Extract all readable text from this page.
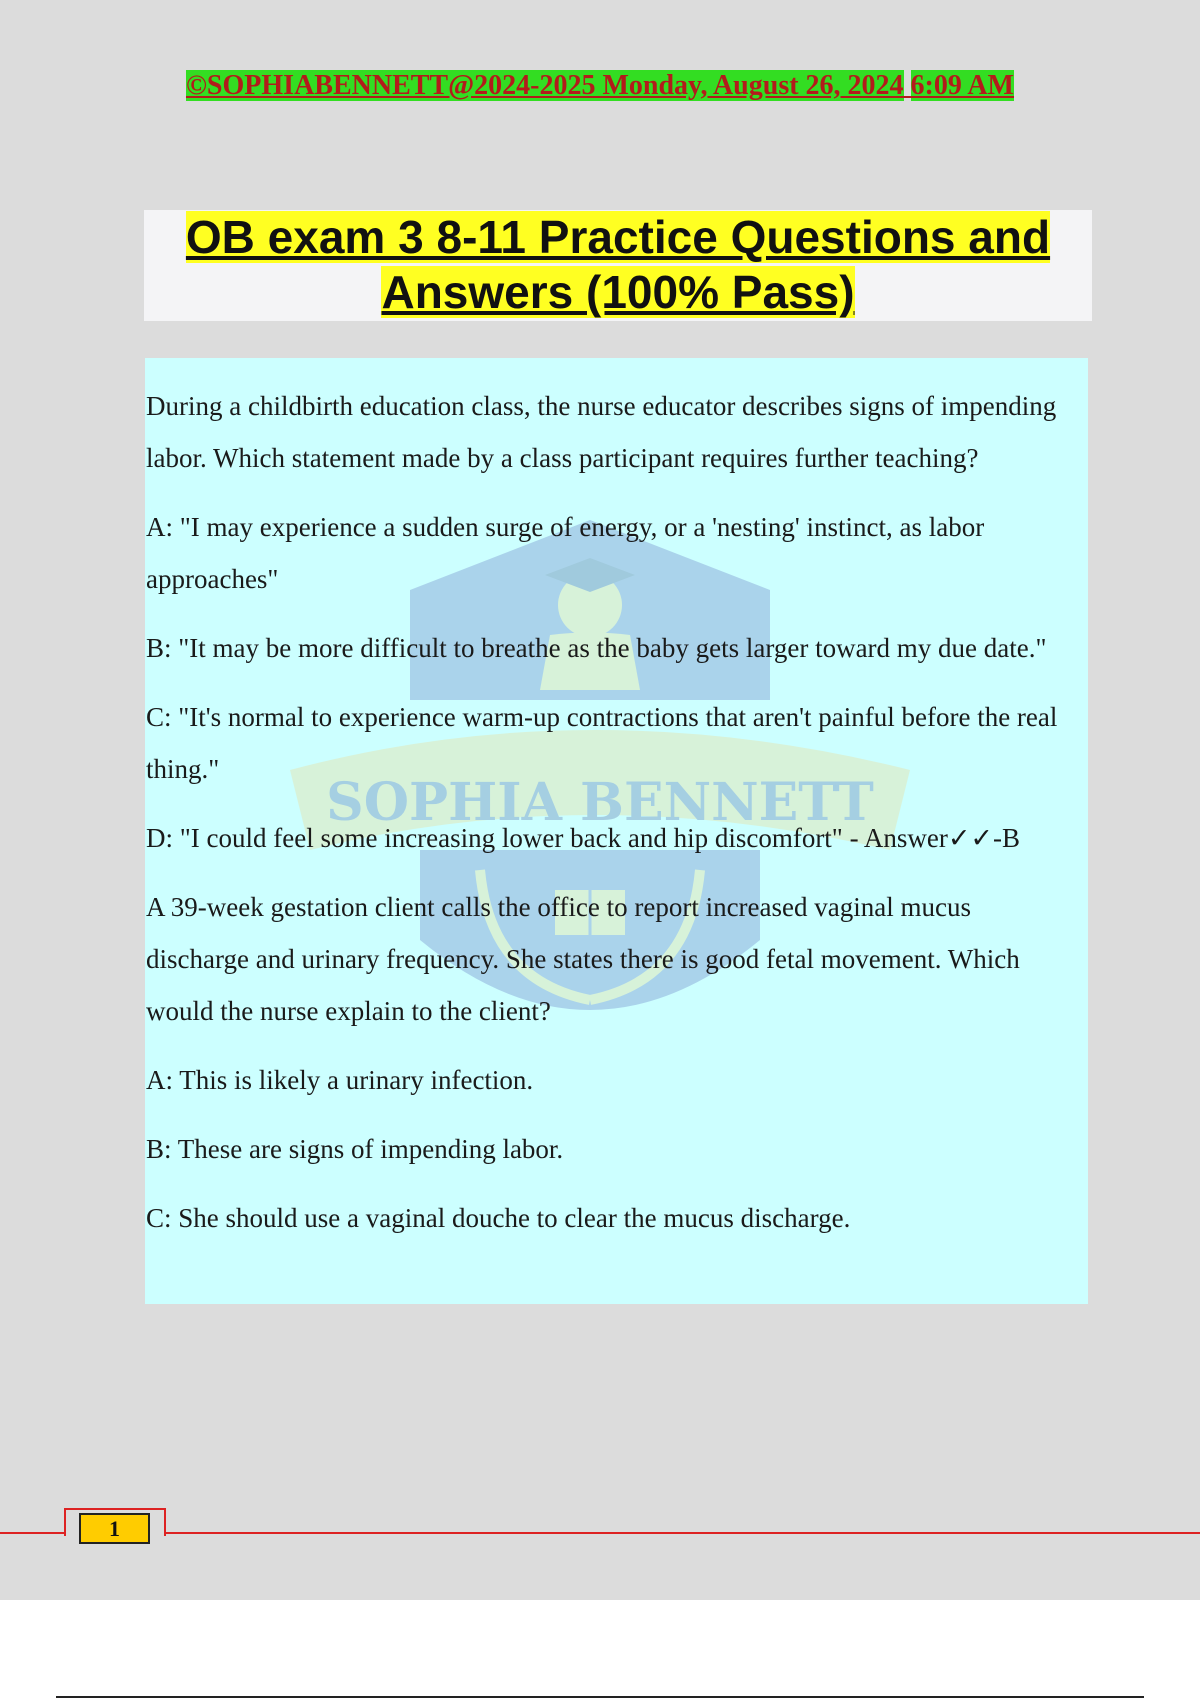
©SOPHIABENNETT@2024-2025 Monday, August 26, 2024 6:09 AM
OB exam 3 8-11 Practice Questions and
Answers (100% Pass)
SOPHIA BENNETT

During a childbirth education class, the nurse educator describes signs of impending labor. Which statement made by a class participant requires further teaching?

A: "I may experience a sudden surge of energy, or a 'nesting' instinct, as labor approaches"

B: "It may be more difficult to breathe as the baby gets larger toward my due date."

C: "It's normal to experience warm-up contractions that aren't painful before the real thing."

D: "I could feel some increasing lower back and hip discomfort" - Answer✓✓-B

A 39-week gestation client calls the office to report increased vaginal mucus discharge and urinary frequency. She states there is good fetal movement. Which would the nurse explain to the client?

A: This is likely a urinary infection.

B: These are signs of impending labor.

C: She should use a vaginal douche to clear the mucus discharge.

1
